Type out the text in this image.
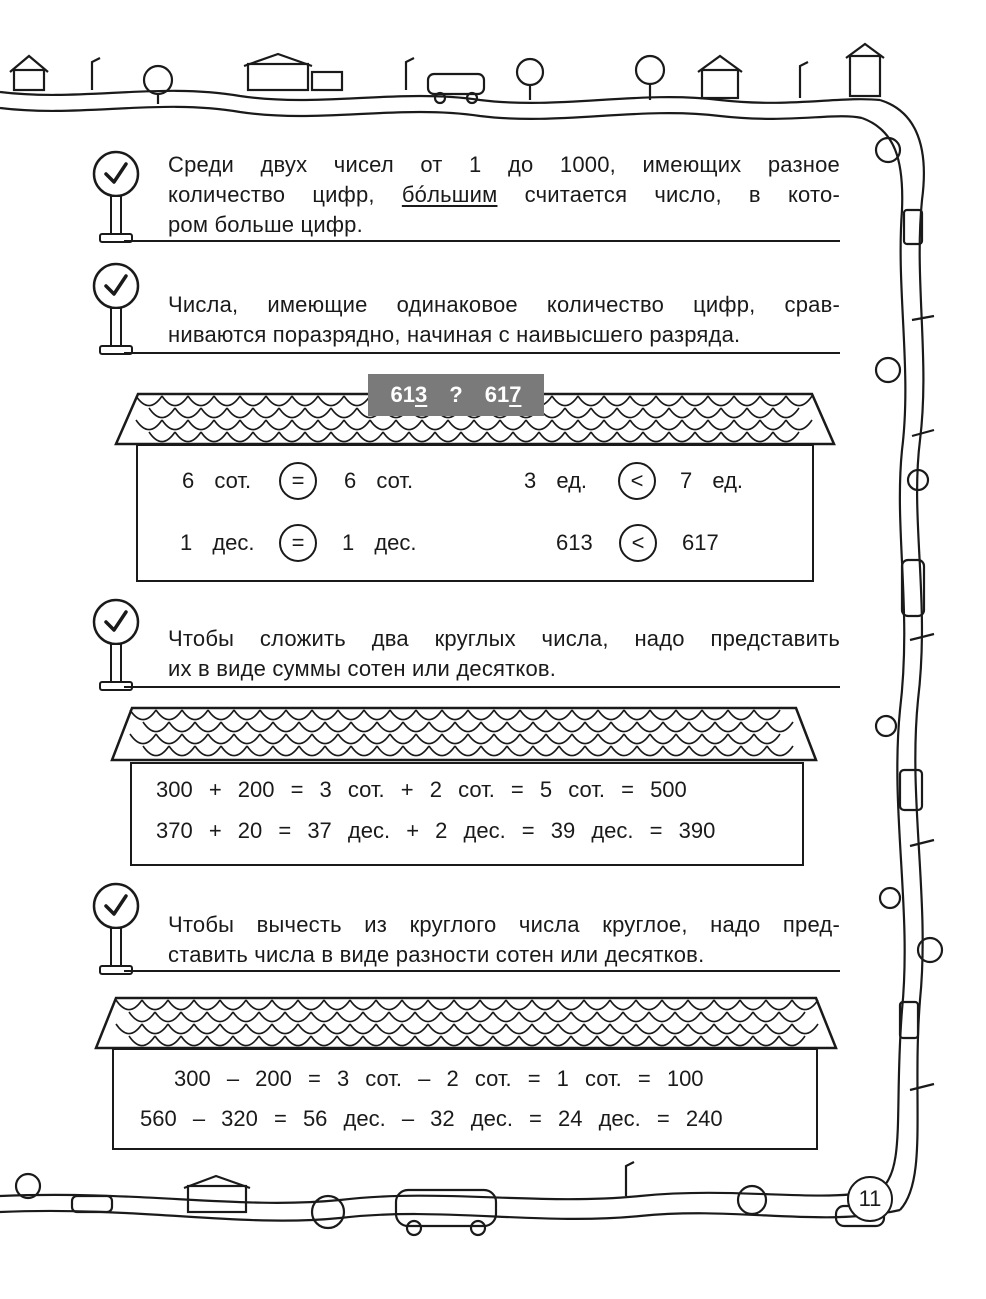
Среди двух чисел от 1 до 1000, имеющих разное
количество цифр, бóльшим считается число, в кото-
ром больше цифр.
Числа, имеющие одинаковое количество цифр, срав-
ниваются поразрядно, начиная с наивысшего разряда.
613 ? 617
6 сот.	=	6 сот.	3 ед.	<	7 ед.
1 дес.	=	1 дес.	613	<	617
Чтобы сложить два круглых числа, надо представить
их в виде суммы сотен или десятков.
300 + 200 = 3 сот. + 2 сот. = 5 сот. = 500
370 + 20 = 37 дес. + 2 дес. = 39 дес. = 390
Чтобы вычесть из круглого числа круглое, надо пред-
ставить числа в виде разности сотен или десятков.
300 – 200 = 3 сот. – 2 сот. = 1 сот. = 100
560 – 320 = 56 дес. – 32 дес. = 24 дес. = 240
11
